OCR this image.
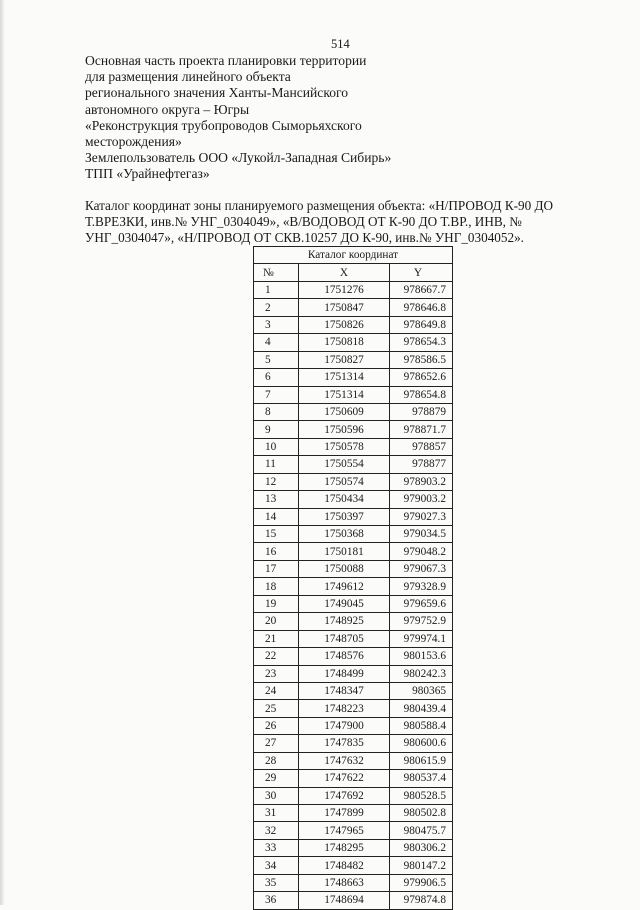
514
Основная часть проекта планировки территории
для размещения линейного объекта
регионального значения Ханты-Мансийского
автономного округа – Югры
«Реконструкция трубопроводов Сыморьяхского
месторождения»
Землепользователь ООО «Лукойл-Западная Сибирь»
ТПП «Урайнефтегаз»
Каталог координат зоны планируемого размещения объекта: «Н/ПРОВОД К-90 ДО
Т.ВРЕЗКИ, инв.№ УНГ_0304049», «В/ВОДОВОД ОТ К-90 ДО Т.ВР., ИНВ, №
УНГ_0304047», «Н/ПРОВОД ОТ СКВ.10257 ДО К-90, инв.№ УНГ_0304052».
Каталог координат		
№	X	Y
1	1751276	978667.7
2	1750847	978646.8
3	1750826	978649.8
4	1750818	978654.3
5	1750827	978586.5
6	1751314	978652.6
7	1751314	978654.8
8	1750609	978879
9	1750596	978871.7
10	1750578	978857
11	1750554	978877
12	1750574	978903.2
13	1750434	979003.2
14	1750397	979027.3
15	1750368	979034.5
16	1750181	979048.2
17	1750088	979067.3
18	1749612	979328.9
19	1749045	979659.6
20	1748925	979752.9
21	1748705	979974.1
22	1748576	980153.6
23	1748499	980242.3
24	1748347	980365
25	1748223	980439.4
26	1747900	980588.4
27	1747835	980600.6
28	1747632	980615.9
29	1747622	980537.4
30	1747692	980528.5
31	1747899	980502.8
32	1747965	980475.7
33	1748295	980306.2
34	1748482	980147.2
35	1748663	979906.5
36	1748694	979874.8
